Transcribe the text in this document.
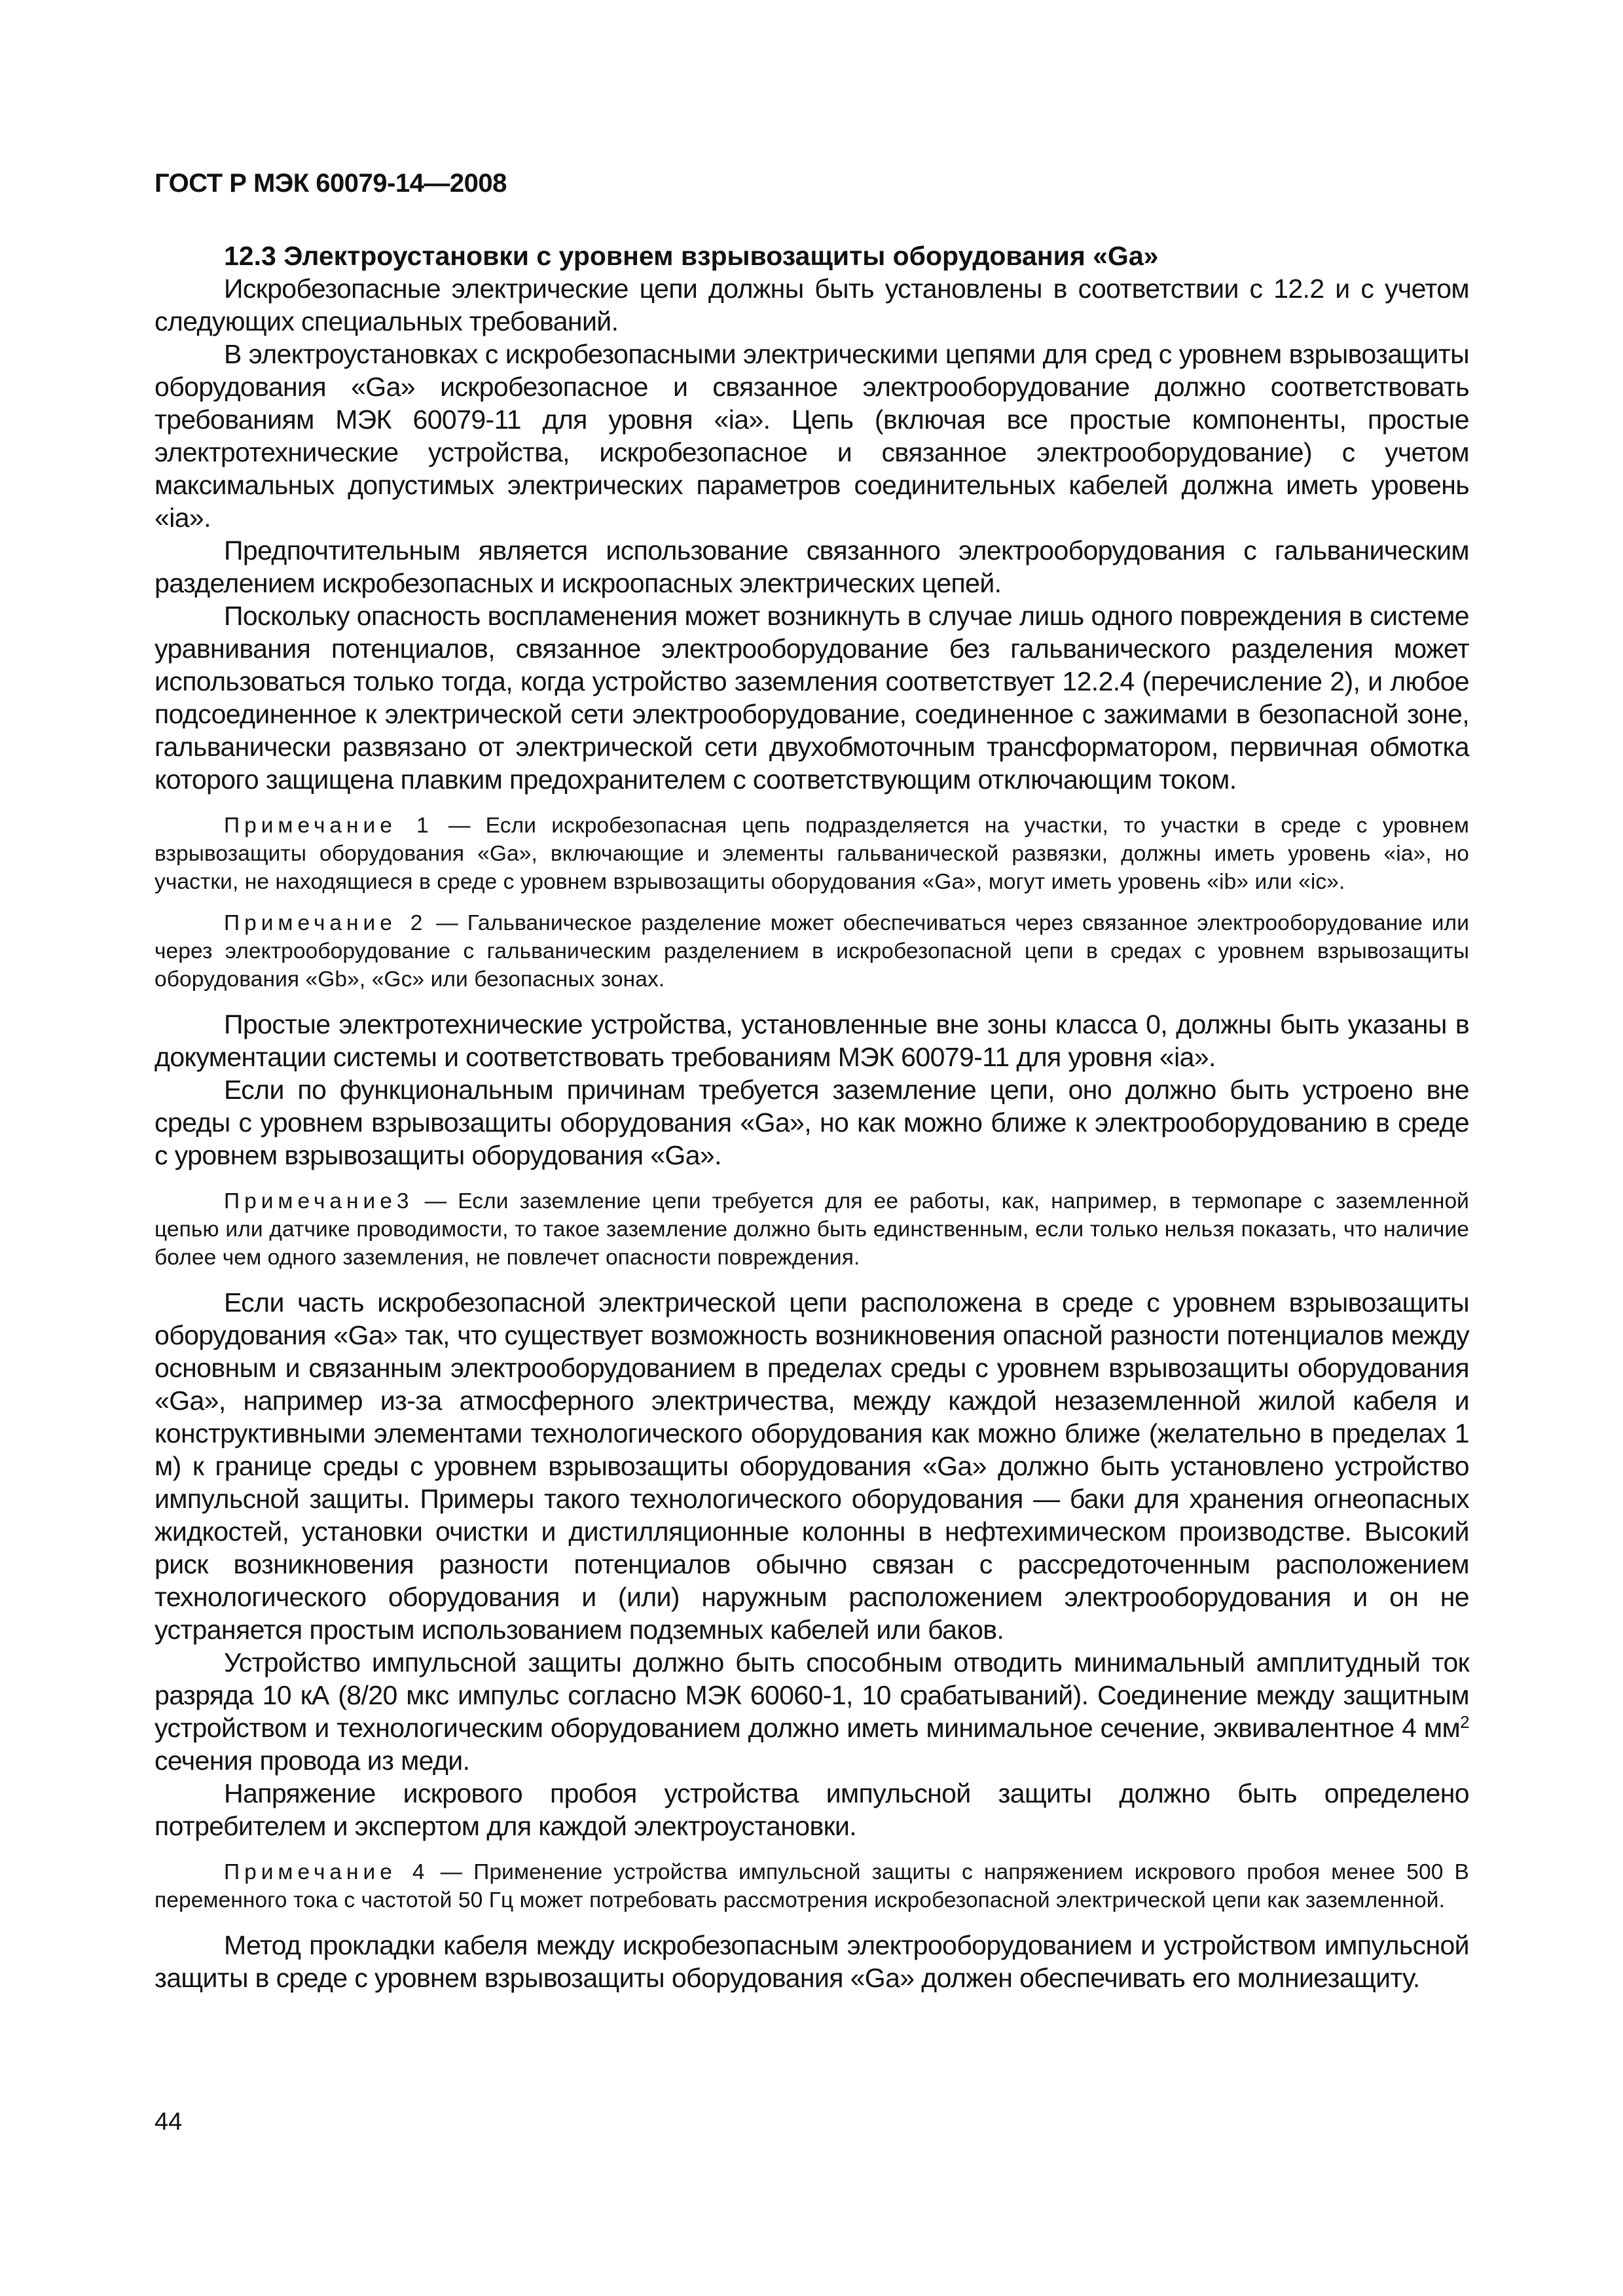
ГОСТ Р МЭК 60079-14—2008

12.3 Электроустановки с уровнем взрывозащиты оборудования «Ga»

Искробезопасные электрические цепи должны быть установлены в соответствии с 12.2 и с учетом следующих специальных требований.

В электроустановках с искробезопасными электрическими цепями для сред с уровнем взрывозащиты оборудования «Ga» искробезопасное и связанное электрооборудование должно соответствовать требованиям МЭК 60079-11 для уровня «ia». Цепь (включая все простые компоненты, простые электротехнические устройства, искробезопасное и связанное электрооборудование) с учетом максимальных допустимых электрических параметров соединительных кабелей должна иметь уровень «ia».

Предпочтительным является использование связанного электрооборудования с гальваническим разделением искробезопасных и искроопасных электрических цепей.

Поскольку опасность воспламенения может возникнуть в случае лишь одного повреждения в системе уравнивания потенциалов, связанное электрооборудование без гальванического разделения может использоваться только тогда, когда устройство заземления соответствует 12.2.4 (перечисление 2), и любое подсоединенное к электрической сети электрооборудование, соединенное с зажимами в безопасной зоне, гальванически развязано от электрической сети двухобмоточным трансформатором, первичная обмотка которого защищена плавким предохранителем с соответствующим отключающим током.

Примечание 1 — Если искробезопасная цепь подразделяется на участки, то участки в среде с уровнем взрывозащиты оборудования «Ga», включающие и элементы гальванической развязки, должны иметь уровень «ia», но участки, не находящиеся в среде с уровнем взрывозащиты оборудования «Ga», могут иметь уровень «ib» или «ic».

Примечание 2 — Гальваническое разделение может обеспечиваться через связанное электрооборудование или через электрооборудование с гальваническим разделением в искробезопасной цепи в средах с уровнем взрывозащиты оборудования «Gb», «Gc» или безопасных зонах.

Простые электротехнические устройства, установленные вне зоны класса 0, должны быть указаны в документации системы и соответствовать требованиям МЭК 60079-11 для уровня «ia».

Если по функциональным причинам требуется заземление цепи, оно должно быть устроено вне среды с уровнем взрывозащиты оборудования «Ga», но как можно ближе к электрооборудованию в среде с уровнем взрывозащиты оборудования «Ga».

Примечание3 — Если заземление цепи требуется для ее работы, как, например, в термопаре с заземленной цепью или датчике проводимости, то такое заземление должно быть единственным, если только нельзя показать, что наличие более чем одного заземления, не повлечет опасности повреждения.

Если часть искробезопасной электрической цепи расположена в среде с уровнем взрывозащиты оборудования «Ga» так, что существует возможность возникновения опасной разности потенциалов между основным и связанным электрооборудованием в пределах среды с уровнем взрывозащиты оборудования «Ga», например из-за атмосферного электричества, между каждой незаземленной жилой кабеля и конструктивными элементами технологического оборудования как можно ближе (желательно в пределах 1 м) к границе среды с уровнем взрывозащиты оборудования «Ga» должно быть установлено устройство импульсной защиты. Примеры такого технологического оборудования — баки для хранения огнеопасных жидкостей, установки очистки и дистилляционные колонны в нефтехимическом производстве. Высокий риск возникновения разности потенциалов обычно связан с рассредоточенным расположением технологического оборудования и (или) наружным расположением электрооборудования и он не устраняется простым использованием подземных кабелей или баков.

Устройство импульсной защиты должно быть способным отводить минимальный амплитудный ток разряда 10 кА (8/20 мкс импульс согласно МЭК 60060-1, 10 срабатываний). Соединение между защитным устройством и технологическим оборудованием должно иметь минимальное сечение, эквивалентное 4 $мм^2$ сечения провода из меди.

Напряжение искрового пробоя устройства импульсной защиты должно быть определено потребителем и экспертом для каждой электроустановки.

Примечание 4 — Применение устройства импульсной защиты с напряжением искрового пробоя менее 500 В переменного тока с частотой 50 Гц может потребовать рассмотрения искробезопасной электрической цепи как заземленной.

Метод прокладки кабеля между искробезопасным электрооборудованием и устройством импульсной защиты в среде с уровнем взрывозащиты оборудования «Ga» должен обеспечивать его молниезащиту.

44
